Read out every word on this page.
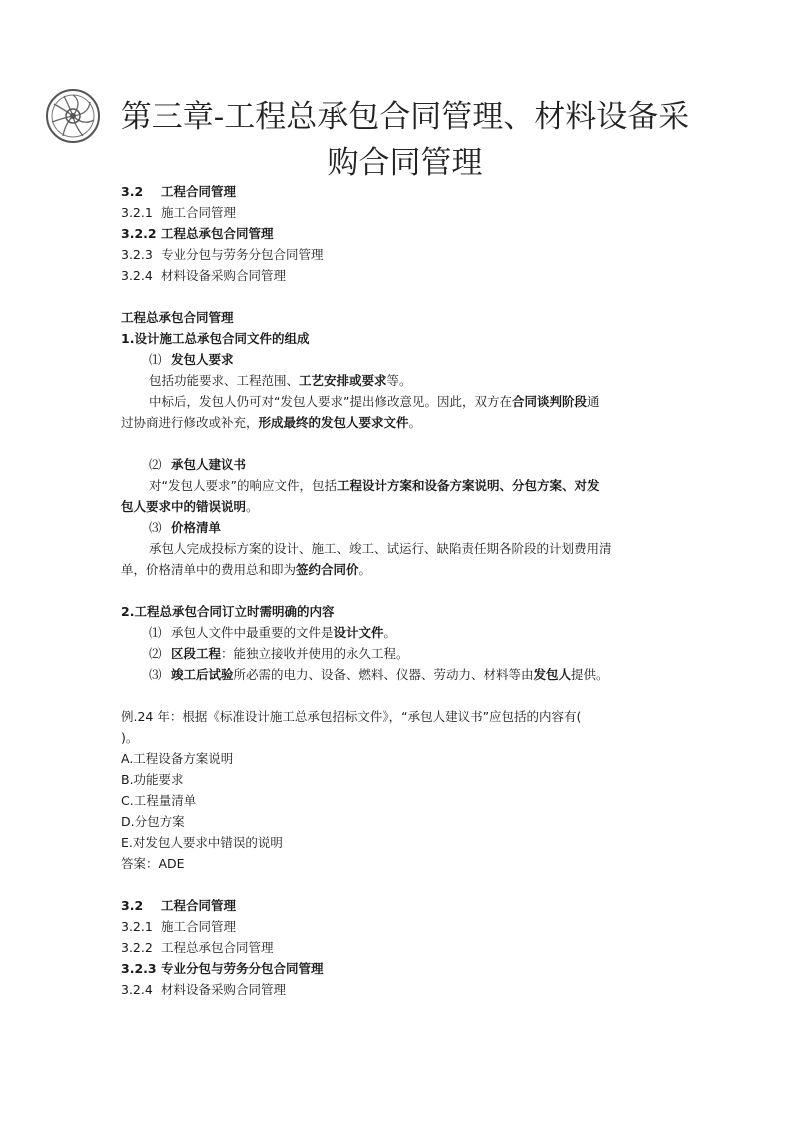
第三章-工程总承包合同管理、材料设备采
购合同管理
3.2 工程合同管理
3.2.1 施工合同管理
3.2.2 工程总承包合同管理
3.2.3 专业分包与劳务分包合同管理
3.2.4 材料设备采购合同管理
工程总承包合同管理
1.设计施工总承包合同文件的组成
⑴ 发包人要求
包括功能要求、工程范围、工艺安排或要求等。
中标后，发包人仍可对“发包人要求”提出修改意见。因此，双方在合同谈判阶段通
过协商进行修改或补充，形成最终的发包人要求文件。
⑵ 承包人建议书
对“发包人要求”的响应文件，包括工程设计方案和设备方案说明、分包方案、对发
包人要求中的错误说明。
⑶ 价格清单
承包人完成投标方案的设计、施工、竣工、试运行、缺陷责任期各阶段的计划费用清
单，价格清单中的费用总和即为签约合同价。
2.工程总承包合同订立时需明确的内容
⑴ 承包人文件中最重要的文件是设计文件。
⑵ 区段工程：能独立接收并使用的永久工程。
⑶ 竣工后试验所必需的电力、设备、燃料、仪器、劳动力、材料等由发包人提供。
例.24 年：根据《标准设计施工总承包招标文件》，“承包人建议书”应包括的内容有(
)。
A.工程设备方案说明
B.功能要求
C.工程量清单
D.分包方案
E.对发包人要求中错误的说明
答案：ADE
3.2 工程合同管理
3.2.1 施工合同管理
3.2.2 工程总承包合同管理
3.2.3 专业分包与劳务分包合同管理
3.2.4 材料设备采购合同管理
